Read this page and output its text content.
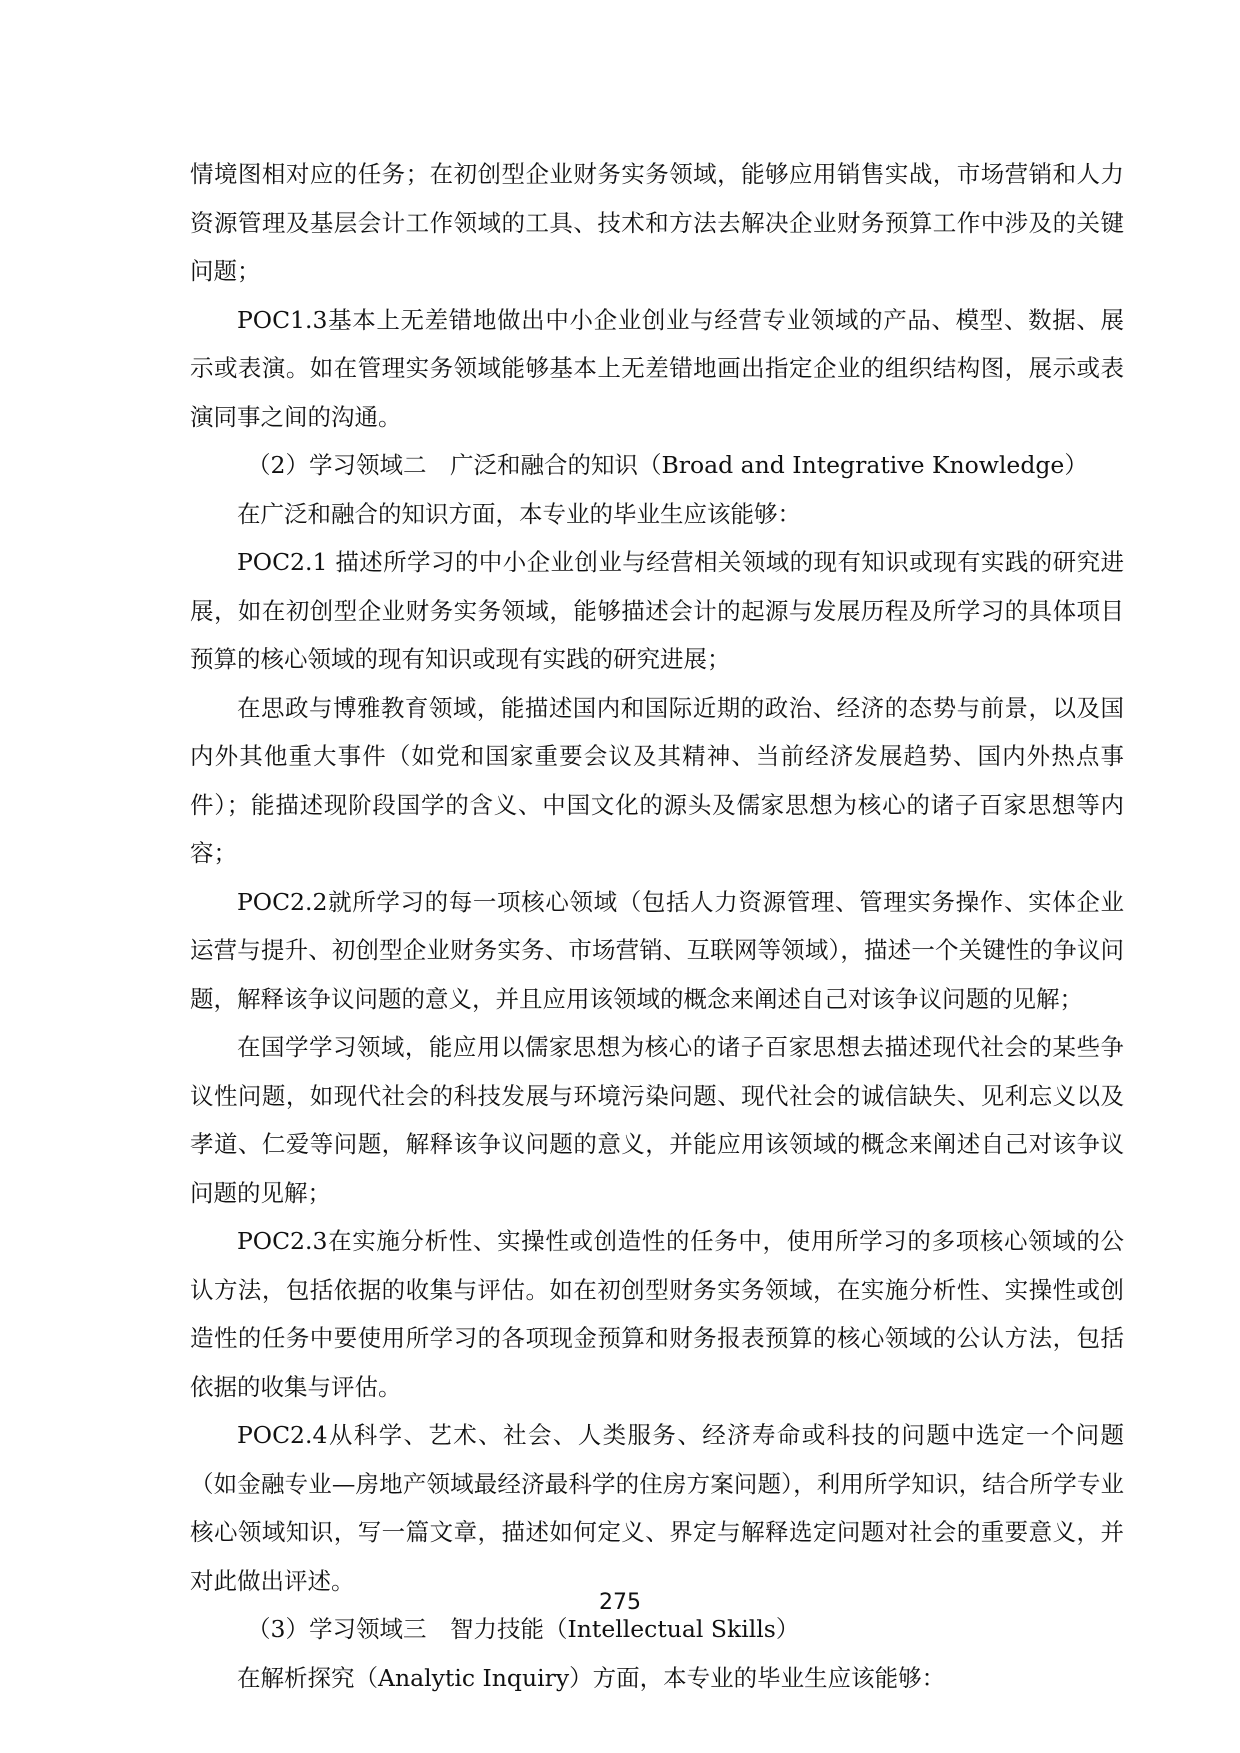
情境图相对应的任务；在初创型企业财务实务领域，能够应用销售实战，市场营销和人力资源管理及基层会计工作领域的工具、技术和方法去解决企业财务预算工作中涉及的关键问题；

POC1.3基本上无差错地做出中小企业创业与经营专业领域的产品、模型、数据、展示或表演。如在管理实务领域能够基本上无差错地画出指定企业的组织结构图，展示或表演同事之间的沟通。

（2）学习领域二　广泛和融合的知识（Broad and Integrative Knowledge）

在广泛和融合的知识方面，本专业的毕业生应该能够：

POC2.1 描述所学习的中小企业创业与经营相关领域的现有知识或现有实践的研究进展，如在初创型企业财务实务领域，能够描述会计的起源与发展历程及所学习的具体项目预算的核心领域的现有知识或现有实践的研究进展；

在思政与博雅教育领域，能描述国内和国际近期的政治、经济的态势与前景，以及国内外其他重大事件（如党和国家重要会议及其精神、当前经济发展趋势、国内外热点事件）；能描述现阶段国学的含义、中国文化的源头及儒家思想为核心的诸子百家思想等内容；

POC2.2就所学习的每一项核心领域（包括人力资源管理、管理实务操作、实体企业运营与提升、初创型企业财务实务、市场营销、互联网等领域），描述一个关键性的争议问题，解释该争议问题的意义，并且应用该领域的概念来阐述自己对该争议问题的见解；

在国学学习领域，能应用以儒家思想为核心的诸子百家思想去描述现代社会的某些争议性问题，如现代社会的科技发展与环境污染问题、现代社会的诚信缺失、见利忘义以及孝道、仁爱等问题，解释该争议问题的意义，并能应用该领域的概念来阐述自己对该争议问题的见解；

POC2.3在实施分析性、实操性或创造性的任务中，使用所学习的多项核心领域的公认方法，包括依据的收集与评估。如在初创型财务实务领域，在实施分析性、实操性或创造性的任务中要使用所学习的各项现金预算和财务报表预算的核心领域的公认方法，包括依据的收集与评估。

POC2.4从科学、艺术、社会、人类服务、经济寿命或科技的问题中选定一个问题（如金融专业—房地产领域最经济最科学的住房方案问题），利用所学知识，结合所学专业核心领域知识，写一篇文章，描述如何定义、界定与解释选定问题对社会的重要意义，并对此做出评述。

（3）学习领域三　智力技能（Intellectual Skills）

在解析探究（Analytic Inquiry）方面，本专业的毕业生应该能够：

275
